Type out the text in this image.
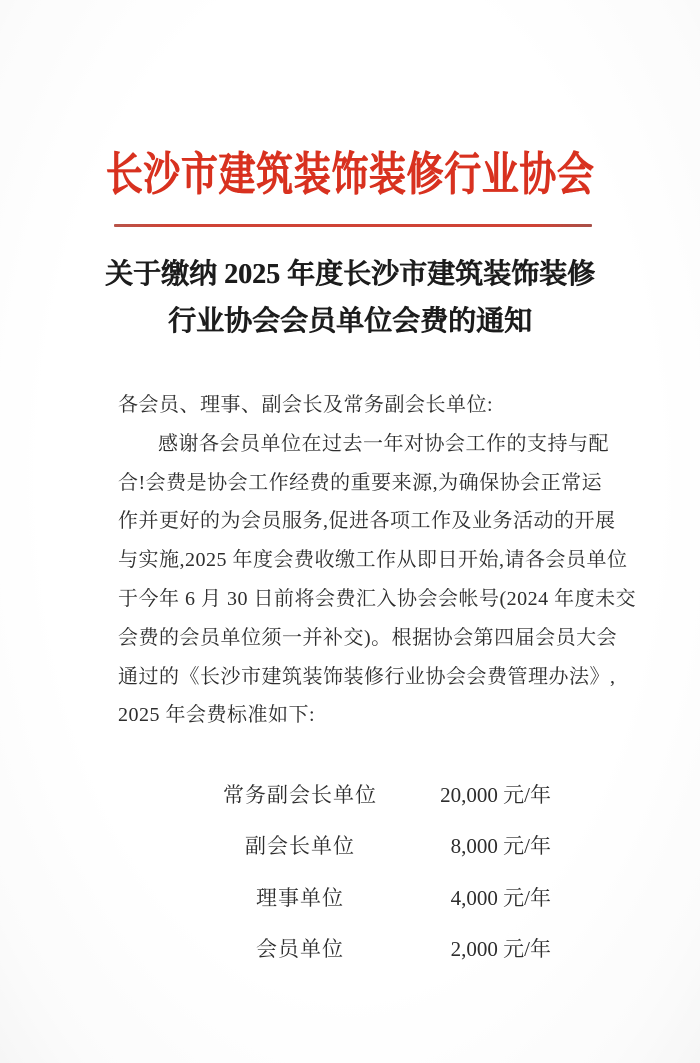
长沙市建筑装饰装修行业协会
关于缴纳 2025 年度长沙市建筑装饰装修
行业协会会员单位会费的通知
各会员、理事、副会长及常务副会长单位:
感谢各会员单位在过去一年对协会工作的支持与配
合!会费是协会工作经费的重要来源,为确保协会正常运
作并更好的为会员服务,促进各项工作及业务活动的开展
与实施,2025 年度会费收缴工作从即日开始,请各会员单位
于今年 6 月 30 日前将会费汇入协会会帐号(2024 年度未交
会费的会员单位须一并补交)。根据协会第四届会员大会
通过的《长沙市建筑装饰装修行业协会会费管理办法》,
2025 年会费标准如下:
常务副会长单位	20,000 元/年
副会长单位	8,000 元/年
理事单位	4,000 元/年
会员单位	2,000 元/年
